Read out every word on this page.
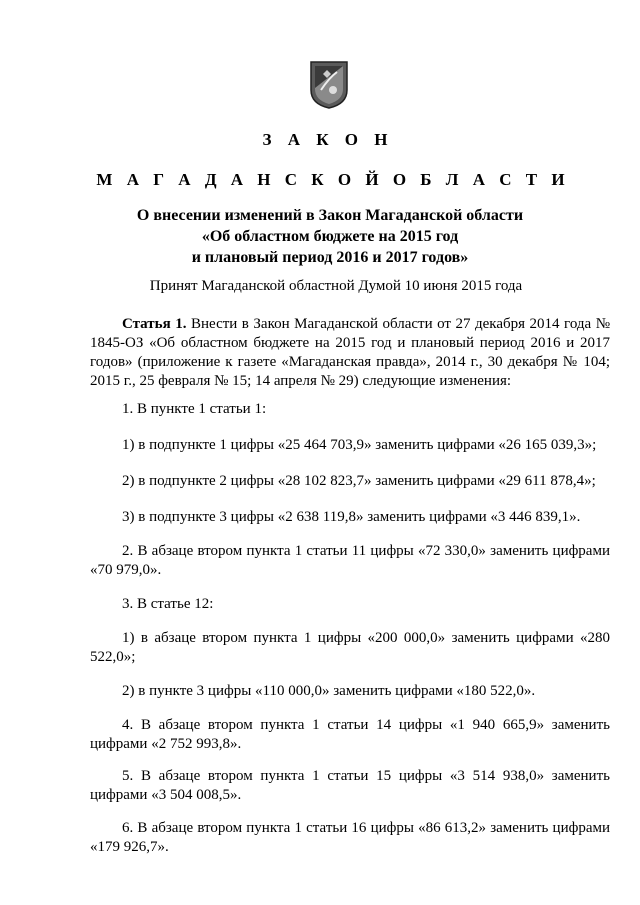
З А К О Н
М А Г А Д А Н С К О Й О Б Л А С Т И
О внесении изменений в Закон Магаданской области
«Об областном бюджете на 2015 год
и плановый период 2016 и 2017 годов»
Принят Магаданской областной Думой 10 июня 2015 года
Статья 1. Внести в Закон Магаданской области от 27 декабря 2014 года № 1845-ОЗ «Об областном бюджете на 2015 год и плановый период 2016 и 2017 годов» (приложение к газете «Магаданская правда», 2014 г., 30 декабря № 104; 2015 г., 25 февраля № 15; 14 апреля № 29) следующие изменения:
1. В пункте 1 статьи 1:
1) в подпункте 1 цифры «25 464 703,9» заменить цифрами «26 165 039,3»;
2) в подпункте 2 цифры «28 102 823,7» заменить цифрами «29 611 878,4»;
3) в подпункте 3 цифры «2 638 119,8» заменить цифрами «3 446 839,1».
2. В абзаце втором пункта 1 статьи 11 цифры «72 330,0» заменить цифрами «70 979,0».
3. В статье 12:
1) в абзаце втором пункта 1 цифры «200 000,0» заменить цифрами «280 522,0»;
2) в пункте 3 цифры «110 000,0» заменить цифрами «180 522,0».
4. В абзаце втором пункта 1 статьи 14 цифры «1 940 665,9» заменить цифрами «2 752 993,8».
5. В абзаце втором пункта 1 статьи 15 цифры «3 514 938,0» заменить цифрами «3 504 008,5».
6. В абзаце втором пункта 1 статьи 16 цифры «86 613,2» заменить цифрами «179 926,7».
